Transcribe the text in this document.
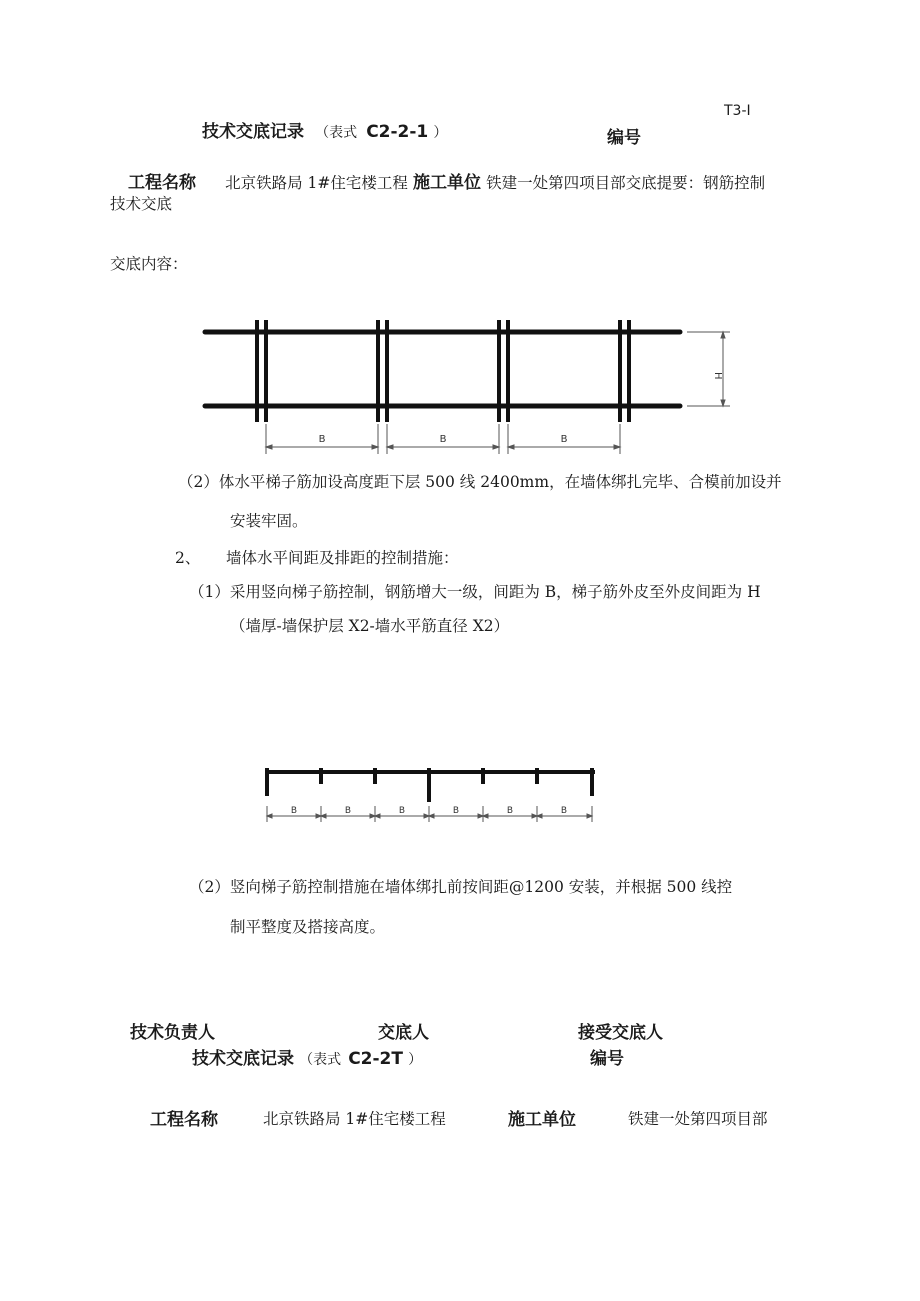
T3-I
技术交底记录 （表式 C2-2-1 ）	编号
工程名称 北京铁路局 1#住宅楼工程 施工单位 铁建一处第四项目部交底提要：钢筋控制
技术交底
交底内容：
B	B	B
H
（2）体水平梯子筋加设高度距下层 500 线 2400mm，在墙体绑扎完毕、合模前加设并
安装牢固。
2、 墙体水平间距及排距的控制措施：
（1）采用竖向梯子筋控制，钢筋增大一级，间距为 B，梯子筋外皮至外皮间距为 H
（墙厚-墙保护层 X2-墙水平筋直径 X2）
B	B	B	B	B	B
（2）竖向梯子筋控制措施在墙体绑扎前按间距@1200 安装，并根据 500 线控
制平整度及搭接高度。
技术负责人	交底人	接受交底人
技术交底记录 （表式 C2-2T ）	编号
工程名称	北京铁路局 1#住宅楼工程	施工单位	铁建一处第四项目部
